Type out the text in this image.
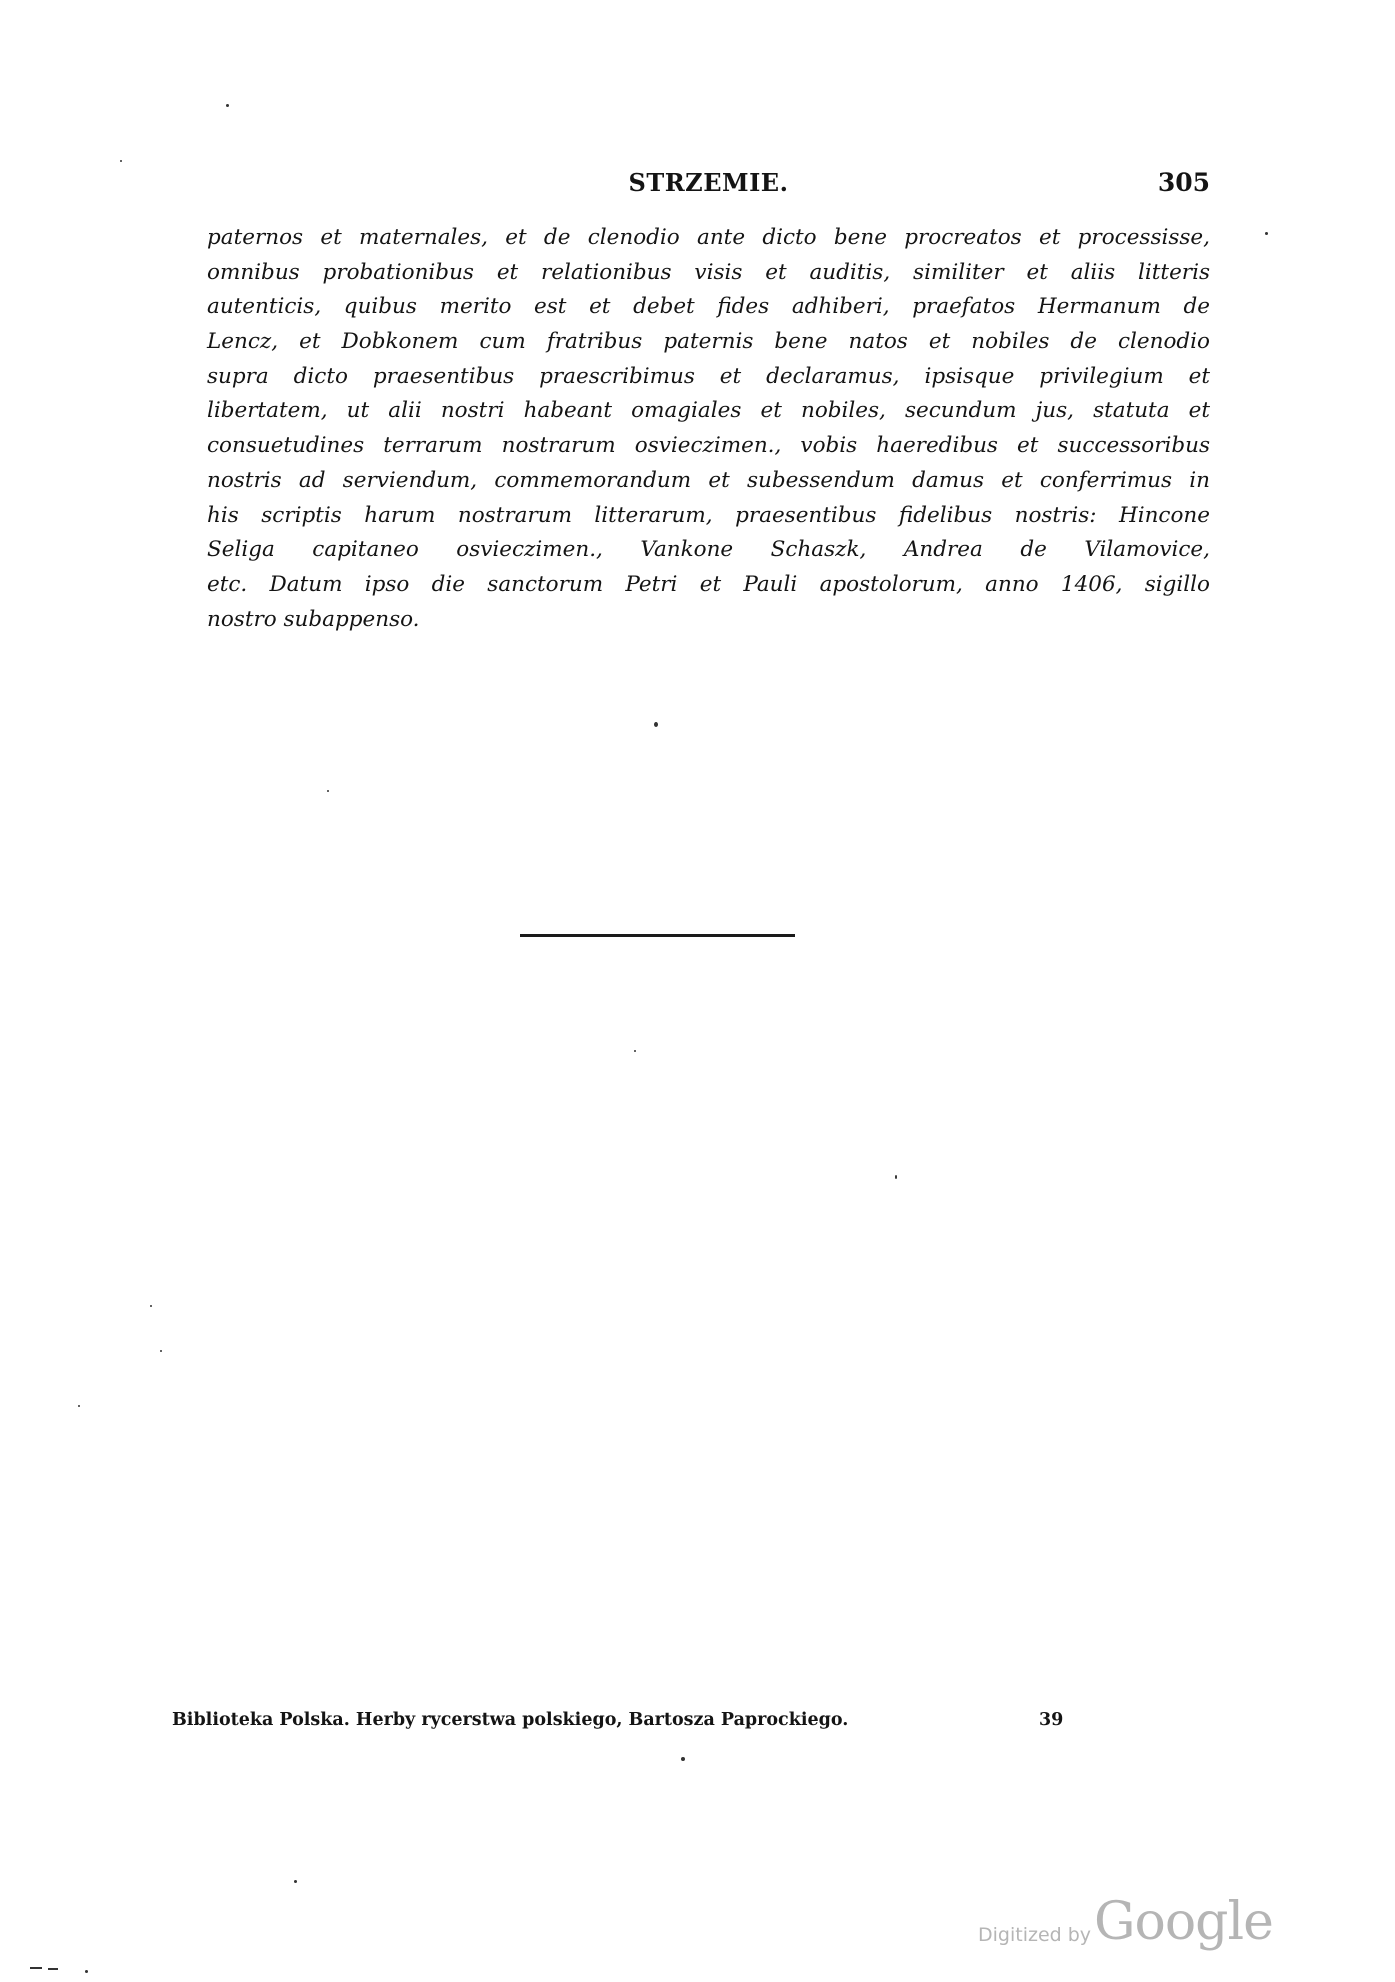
STRZEMIE.	305
paternos et maternales, et de clenodio ante dicto bene procreatos et processisse,
omnibus probationibus et relationibus visis et auditis, similiter et aliis litteris
autenticis, quibus merito est et debet fides adhiberi, praefatos Hermanum de
Lencz, et Dobkonem cum fratribus paternis bene natos et nobiles de clenodio
supra dicto praesentibus praescribimus et declaramus, ipsisque privilegium et
libertatem, ut alii nostri habeant omagiales et nobiles, secundum jus, statuta et
consuetudines terrarum nostrarum osvieczimen., vobis haeredibus et successoribus
nostris ad serviendum, commemorandum et subessendum damus et conferrimus in
his scriptis harum nostrarum litterarum, praesentibus fidelibus nostris: Hincone
Seliga capitaneo osvieczimen., Vankone Schaszk, Andrea de Vilamovice,
etc. Datum ipso die sanctorum Petri et Pauli apostolorum, anno 1406, sigillo
nostro subappenso.
Biblioteka Polska. Herby rycerstwa polskiego, Bartosza Paprockiego.	39
Digitized by Google
